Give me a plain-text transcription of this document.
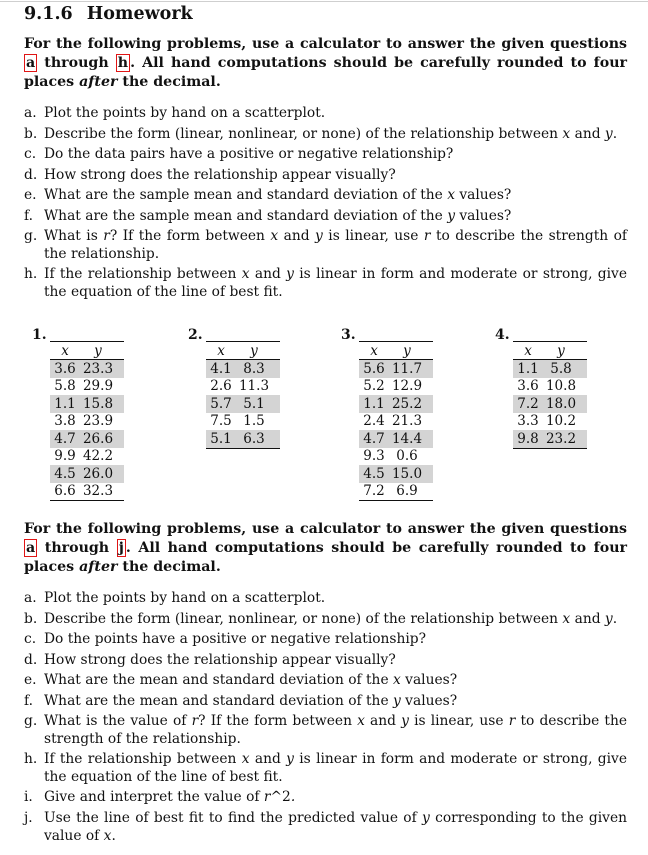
9.1.6 Homework
For the following problems, use a calculator to answer the given questions a through h . All hand computations should be carefully rounded to four places after the decimal.
a. Plot the points by hand on a scatterplot.
b. Describe the form (linear, nonlinear, or none) of the relationship between x and y.
c. Do the data pairs have a positive or negative relationship?
d. How strong does the relationship appear visually?
e. What are the sample mean and standard deviation of the x values?
f. What are the sample mean and standard deviation of the y values?
g. What is r? If the form between x and y is linear, use r to describe the strength of the relationship.
h. If the relationship between x and y is linear in form and moderate or strong, give the equation of the line of best fit.
1.
x	y
3.6 23.3
5.8 29.9
1.1 15.8
3.8 23.9
4.7 26.6
9.9 42.2
4.5 26.0
6.6 32.3
2.
x	y
4.1 8.3
2.6 11.3
5.7 5.1
7.5 1.5
5.1 6.3
3.
x	y
5.6 11.7
5.2 12.9
1.1 25.2
2.4 21.3
4.7 14.4
9.3 0.6
4.5 15.0
7.2 6.9
4.
x	y
1.1 5.8
3.6 10.8
7.2 18.0
3.3 10.2
9.8 23.2
For the following problems, use a calculator to answer the given questions a through j . All hand computations should be carefully rounded to four places after the decimal.
a. Plot the points by hand on a scatterplot.
b. Describe the form (linear, nonlinear, or none) of the relationship between x and y.
c. Do the points have a positive or negative relationship?
d. How strong does the relationship appear visually?
e. What are the mean and standard deviation of the x values?
f. What are the mean and standard deviation of the y values?
g. What is the value of r? If the form between x and y is linear, use r to describe the strength of the relationship.
h. If the relationship between x and y is linear in form and moderate or strong, give the equation of the line of best fit.
i. Give and interpret the value of r^2.
j. Use the line of best fit to find the predicted value of y corresponding to the given value of x.
